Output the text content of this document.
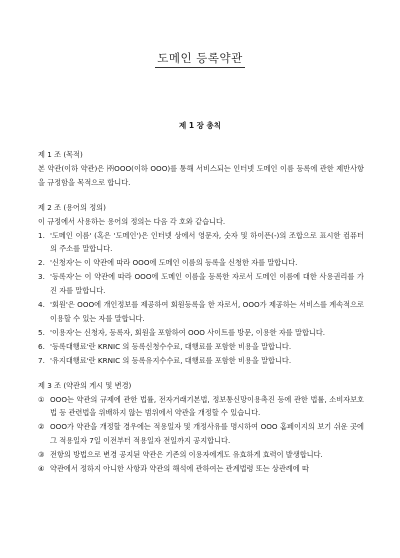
도메인 등록약관
제 1 장 총칙
제 1 조 (목적)
본 약관(이하 약관)은 ㈜OOO(이하 OOO)를 통해 서비스되는 인터넷 도메인 이름 등록에 관한 제반사항을 규정함을 목적으로 합니다.
제 2 조 (용어의 정의)
이 규정에서 사용하는 용어의 정의는 다음 각 호와 같습니다.
1. '도메인 이름' (혹은 '도메인')은 인터넷 상에서 영문자, 숫자 및 하이픈(-)의 조합으로 표시한 컴퓨터의 주소를 말합니다.
2. '신청자'는 이 약관에 따라 OOO에 도메인 이름의 등록을 신청한 자를 말합니다.
3. '등록자'는 이 약관에 따라 OOO에 도메인 이름을 등록한 자로서 도메인 이름에 대한 사용권리를 가진 자를 말합니다.
4. '회원'은 OOO에 개인정보를 제공하여 회원등록을 한 자로서, OOO가 제공하는 서비스를 계속적으로 이용할 수 있는 자를 말합니다.
5. '이용자'는 신청자, 등록자, 회원을 포함하여 OOO 사이트를 방문, 이용한 자를 말합니다.
6. '등록대행료'란 KRNIC 의 등록신청수수료, 대행료를 포함한 비용을 말합니다.
7. '유지대행료'란 KRNIC 의 등록유지수수료, 대행료를 포함한 비용을 말합니다.
제 3 조 (약관의 게시 및 변경)
① OOO는 약관의 규제에 관한 법률, 전자거래기본법, 정보통신망이용촉진 등에 관한 법률, 소비자보호법 등 관련법을 위배하지 않는 범위에서 약관을 개정할 수 있습니다.
② OOO가 약관을 개정할 경우에는 적용일자 및 개정사유를 명시하여 OOO 홈페이지의 보기 쉬운 곳에 그 적용일자 7일 이전부터 적용일자 전일까지 공지합니다.
③ 전항의 방법으로 변경 공지된 약관은 기존의 이용자에게도 유효하게 효력이 발생합니다.
④ 약관에서 정하지 아니한 사항과 약관의 해석에 관하여는 관계법령 또는 상관례에 따
